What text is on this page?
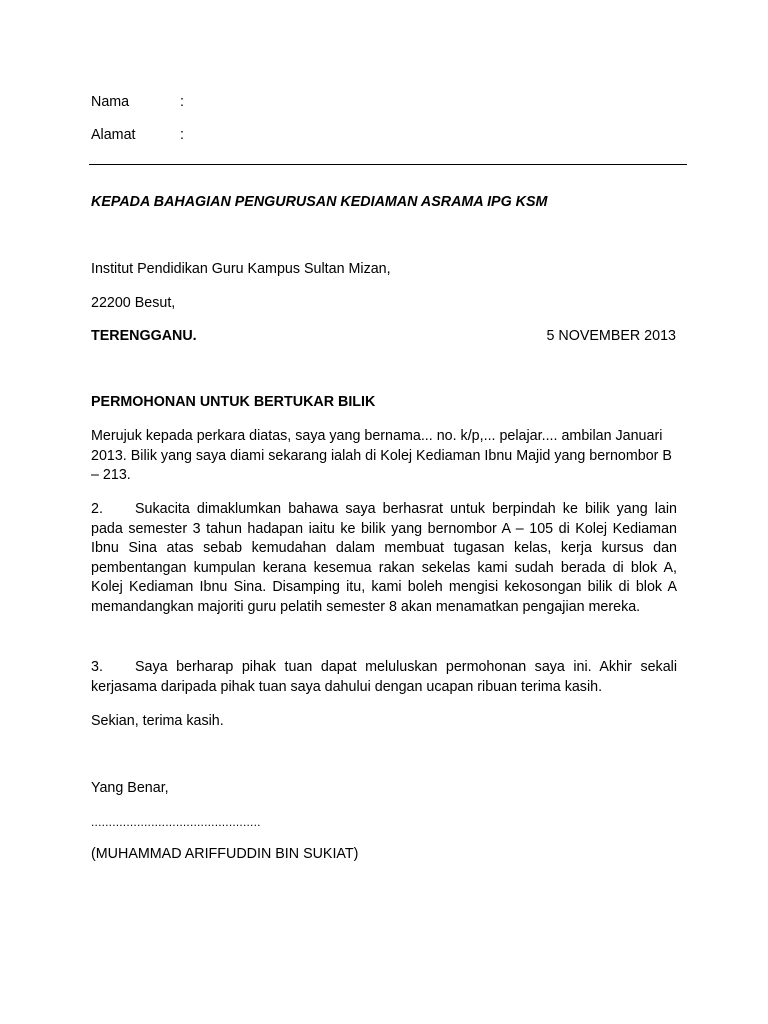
Nama	:
Alamat	:
KEPADA BAHAGIAN PENGURUSAN KEDIAMAN ASRAMA IPG KSM
Institut Pendidikan Guru Kampus Sultan Mizan,
22200 Besut,
TERENGGANU.	5 NOVEMBER 2013
PERMOHONAN UNTUK BERTUKAR BILIK
Merujuk kepada perkara diatas, saya yang bernama... no. k/p,... pelajar.... ambilan Januari 2013. Bilik yang saya diami sekarang ialah di Kolej Kediaman Ibnu Majid yang bernombor B – 213.
2. Sukacita dimaklumkan bahawa saya berhasrat untuk berpindah ke bilik yang lain pada semester 3 tahun hadapan iaitu ke bilik yang bernombor A – 105 di Kolej Kediaman Ibnu Sina atas sebab kemudahan dalam membuat tugasan kelas, kerja kursus dan pembentangan kumpulan kerana kesemua rakan sekelas kami sudah berada di blok A, Kolej Kediaman Ibnu Sina. Disamping itu, kami boleh mengisi kekosongan bilik di blok A memandangkan majoriti guru pelatih semester 8 akan menamatkan pengajian mereka.
3. Saya berharap pihak tuan dapat meluluskan permohonan saya ini. Akhir sekali kerjasama daripada pihak tuan saya dahului dengan ucapan ribuan terima kasih.
Sekian, terima kasih.
Yang Benar,
................................................
(MUHAMMAD ARIFFUDDIN BIN SUKIAT)
